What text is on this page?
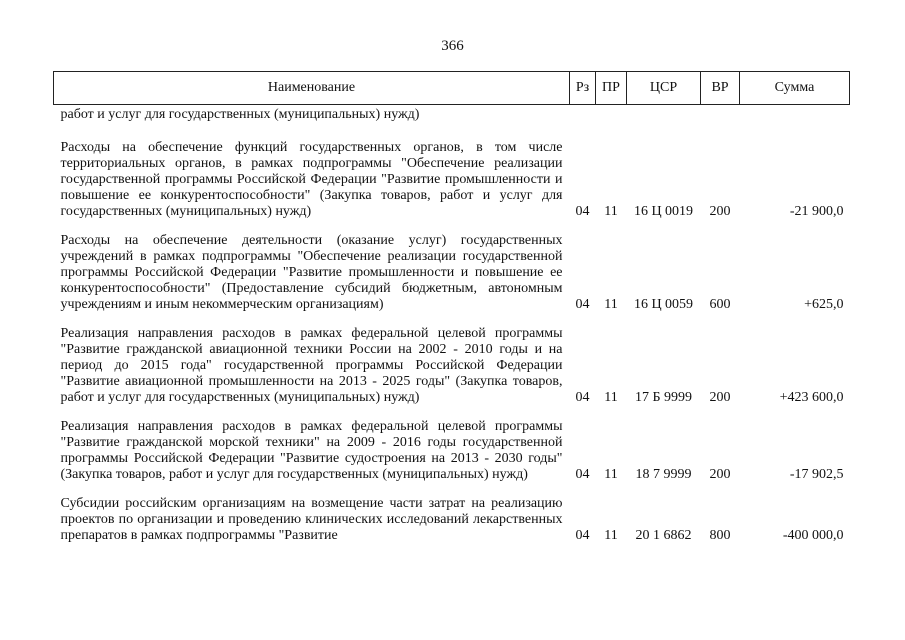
366
Наименование	Рз	ПР	ЦСР	ВР	Сумма

работ и услуг для государственных (муниципальных) нужд)					

Расходы на обеспечение функций государственных органов, в том числе территориальных органов, в рамках подпрограммы "Обеспечение реализации государственной программы Российской Федерации "Развитие промышленности и повышение ее конкурентоспособности" (Закупка товаров, работ и услуг для государственных (муниципальных) нужд)	04	11	16 Ц 0019	200	-21 900,0

Расходы на обеспечение деятельности (оказание услуг) государственных учреждений в рамках подпрограммы "Обеспечение реализации государственной программы Российской Федерации "Развитие промышленности и повышение ее конкурентоспособности" (Предоставление субсидий бюджетным, автономным учреждениям и иным некоммерческим организациям)	04	11	16 Ц 0059	600	+625,0

Реализация направления расходов в рамках федеральной целевой программы "Развитие гражданской авиационной техники России на 2002 - 2010 годы и на период до 2015 года" государственной программы Российской Федерации "Развитие авиационной промышленности на 2013 - 2025 годы" (Закупка товаров, работ и услуг для государственных (муниципальных) нужд)	04	11	17 Б 9999	200	+423 600,0

Реализация направления расходов в рамках федеральной целевой программы "Развитие гражданской морской техники" на 2009 - 2016 годы государственной программы Российской Федерации "Развитие судостроения на 2013 - 2030 годы" (Закупка товаров, работ и услуг для государственных (муниципальных) нужд)	04	11	18 7 9999	200	-17 902,5

Субсидии российским организациям на возмещение части затрат на реализацию проектов по организации и проведению клинических исследований лекарственных препаратов в рамках подпрограммы "Развитие	04	11	20 1 6862	800	-400 000,0
